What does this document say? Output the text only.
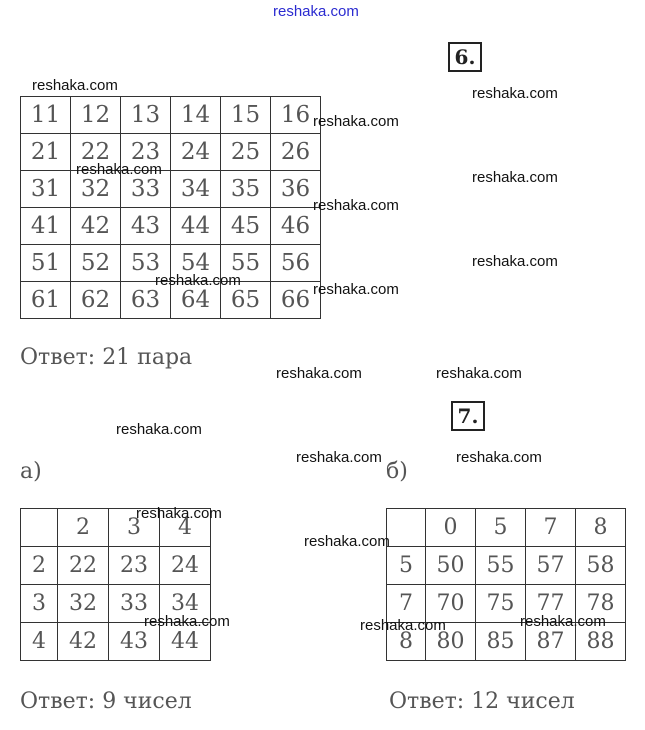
reshaka.com
6.
11	12	13	14	15	16
21	22	23	24	25	26
31	32	33	34	35	36
41	42	43	44	45	46
51	52	53	54	55	56
61	62	63	64	65	66
Ответ: 21 пара
7.
а)
	2	3	4
2	22	23	24
3	32	33	34
4	42	43	44
Ответ: 9 чисел
б)
	0	5	7	8
5	50	55	57	58
7	70	75	77	78
8	80	85	87	88
Ответ: 12 чисел
reshaka.com	reshaka.com
reshaka.com
reshaka.com	reshaka.com
reshaka.com
reshaka.com
reshaka.com
reshaka.com
reshaka.com	reshaka.com
reshaka.com
reshaka.com	reshaka.com
reshaka.com
reshaka.com
reshaka.com	reshaka.com
reshaka.com
